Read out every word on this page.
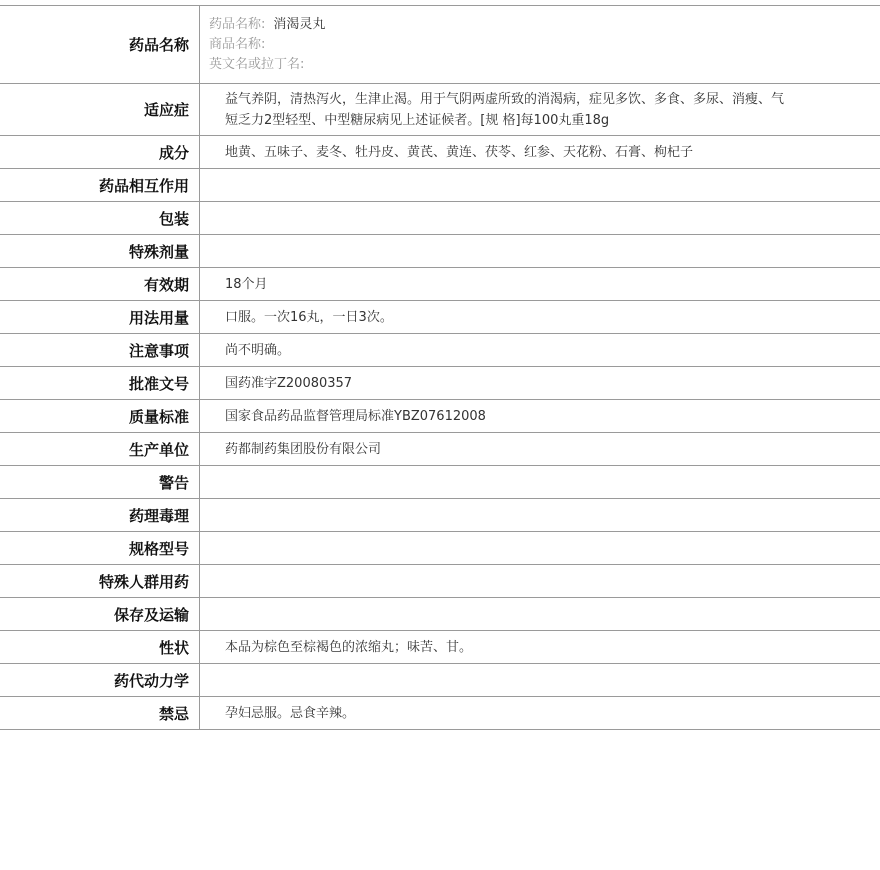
药品名称	药品名称: 消渴灵丸
商品名称:
英文名或拉丁名:

适应症	益气养阴，清热泻火，生津止渴。用于气阴两虚所致的消渴病，症见多饮、多食、多尿、消瘦、气短乏力2型轻型、中型糖尿病见上述证候者。[规 格]每100丸重18g
成分	地黄、五味子、麦冬、牡丹皮、黄芪、黄连、茯苓、红参、天花粉、石膏、枸杞子
药品相互作用	
包装	
特殊剂量	
有效期	18个月
用法用量	口服。一次16丸，一日3次。
注意事项	尚不明确。
批准文号	国药准字Z20080357
质量标准	国家食品药品监督管理局标准YBZ07612008
生产单位	药都制药集团股份有限公司
警告	
药理毒理	
规格型号	
特殊人群用药	
保存及运输	
性状	本品为棕色至棕褐色的浓缩丸；味苦、甘。
药代动力学	
禁忌	孕妇忌服。忌食辛辣。
